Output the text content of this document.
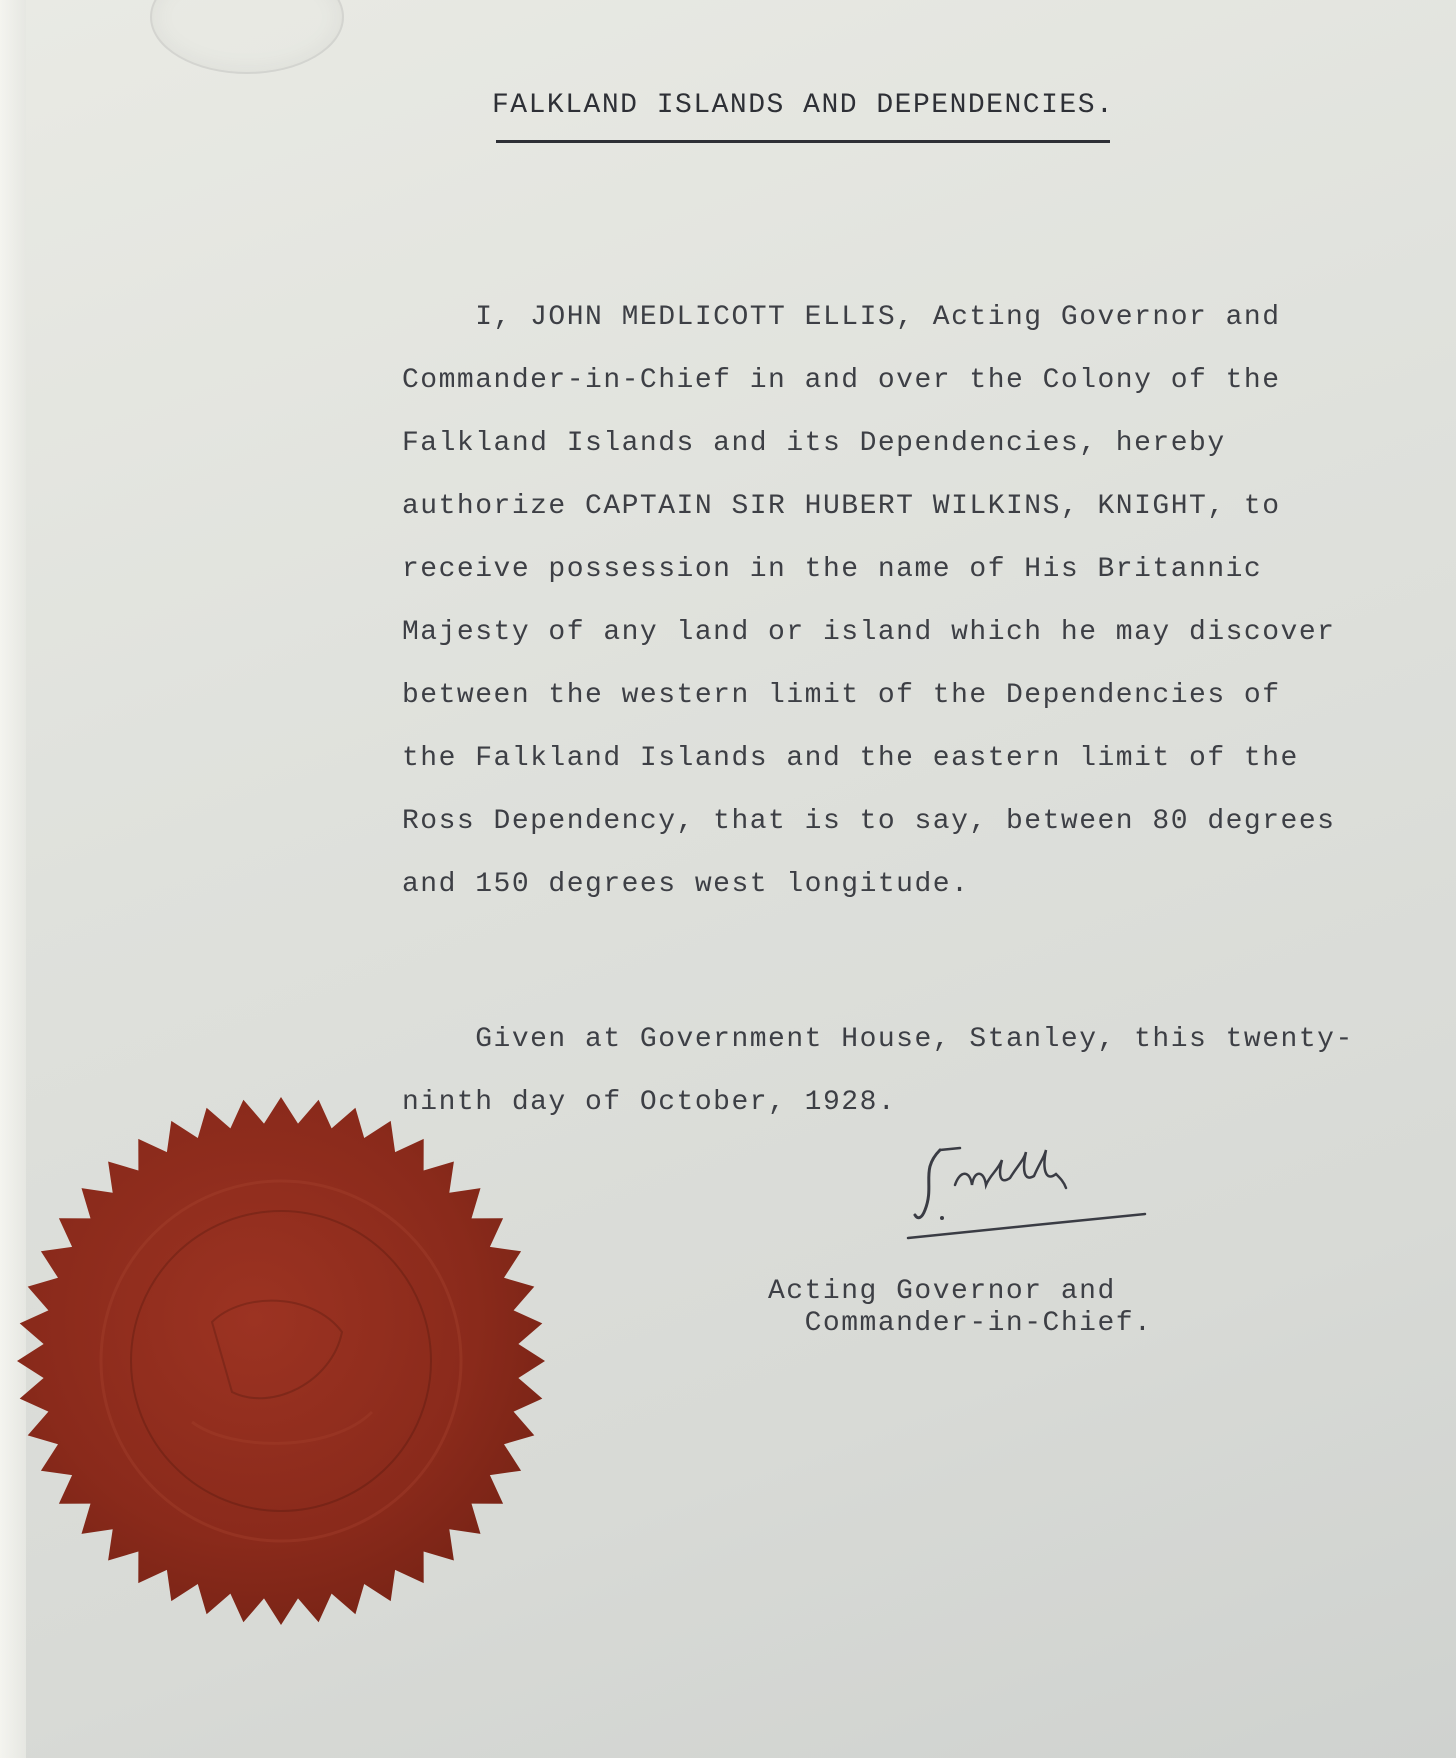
FALKLAND ISLANDS AND DEPENDENCIES.

I, JOHN MEDLICOTT ELLIS, Acting Governor and

Commander-in-Chief in and over the Colony of the

Falkland Islands and its Dependencies, hereby

authorize CAPTAIN SIR HUBERT WILKINS, KNIGHT, to

receive possession in the name of His Britannic

Majesty of any land or island which he may discover

between the western limit of the Dependencies of

the Falkland Islands and the eastern limit of the

Ross Dependency, that is to say, between 80 degrees

and 150 degrees west longitude.

Given at Government House, Stanley, this twenty-

ninth day of October, 1928.

Acting Governor and

Commander-in-Chief.
